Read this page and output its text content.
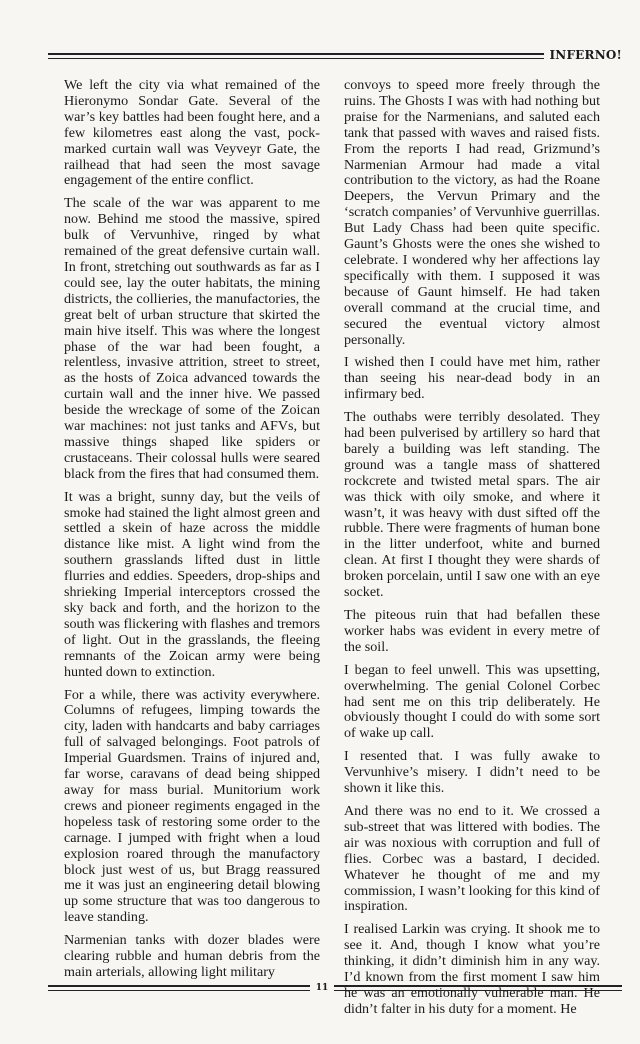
INFERNO!

We left the city via what remained of the Hieronymo Sondar Gate. Several of the war’s key battles had been fought here, and a few kilometres east along the vast, pock-marked curtain wall was Veyveyr Gate, the railhead that had seen the most savage engagement of the entire conflict.

The scale of the war was apparent to me now. Behind me stood the massive, spired bulk of Vervunhive, ringed by what remained of the great defensive curtain wall. In front, stretching out southwards as far as I could see, lay the outer habitats, the mining districts, the collieries, the manufactories, the great belt of urban structure that skirted the main hive itself. This was where the longest phase of the war had been fought, a relentless, invasive attrition, street to street, as the hosts of Zoica advanced towards the curtain wall and the inner hive. We passed beside the wreckage of some of the Zoican war machines: not just tanks and AFVs, but massive things shaped like spiders or crustaceans. Their colossal hulls were seared black from the fires that had consumed them.

It was a bright, sunny day, but the veils of smoke had stained the light almost green and settled a skein of haze across the middle distance like mist. A light wind from the southern grasslands lifted dust in little flurries and eddies. Speeders, drop-ships and shrieking Imperial interceptors crossed the sky back and forth, and the horizon to the south was flickering with flashes and tremors of light. Out in the grasslands, the fleeing remnants of the Zoican army were being hunted down to extinction.

For a while, there was activity everywhere. Columns of refugees, limping towards the city, laden with handcarts and baby carriages full of salvaged belongings. Foot patrols of Imperial Guardsmen. Trains of injured and, far worse, caravans of dead being shipped away for mass burial. Munitorium work crews and pioneer regiments engaged in the hopeless task of restoring some order to the carnage. I jumped with fright when a loud explosion roared through the manufactory block just west of us, but Bragg reassured me it was just an engineering detail blowing up some structure that was too dangerous to leave standing.

Narmenian tanks with dozer blades were clearing rubble and human debris from the main arterials, allowing light military

convoys to speed more freely through the ruins. The Ghosts I was with had nothing but praise for the Narmenians, and saluted each tank that passed with waves and raised fists. From the reports I had read, Grizmund’s Narmenian Armour had made a vital contribution to the victory, as had the Roane Deepers, the Vervun Primary and the ‘scratch companies’ of Vervunhive guerrillas. But Lady Chass had been quite specific. Gaunt’s Ghosts were the ones she wished to celebrate. I wondered why her affections lay specifically with them. I supposed it was because of Gaunt himself. He had taken overall command at the crucial time, and secured the eventual victory almost personally.

I wished then I could have met him, rather than seeing his near-dead body in an infirmary bed.

The outhabs were terribly desolated. They had been pulverised by artillery so hard that barely a building was left standing. The ground was a tangle mass of shattered rockcrete and twisted metal spars. The air was thick with oily smoke, and where it wasn’t, it was heavy with dust sifted off the rubble. There were fragments of human bone in the litter underfoot, white and burned clean. At first I thought they were shards of broken porcelain, until I saw one with an eye socket.

The piteous ruin that had befallen these worker habs was evident in every metre of the soil.

I began to feel unwell. This was upsetting, overwhelming. The genial Colonel Corbec had sent me on this trip deliberately. He obviously thought I could do with some sort of wake up call.

I resented that. I was fully awake to Vervunhive’s misery. I didn’t need to be shown it like this.

And there was no end to it. We crossed a sub-street that was littered with bodies. The air was noxious with corruption and full of flies. Corbec was a bastard, I decided. Whatever he thought of me and my commission, I wasn’t looking for this kind of inspiration.

I realised Larkin was crying. It shook me to see it. And, though I know what you’re thinking, it didn’t diminish him in any way. I’d known from the first moment I saw him he was an emotionally vulnerable man. He didn’t falter in his duty for a moment. He

11
